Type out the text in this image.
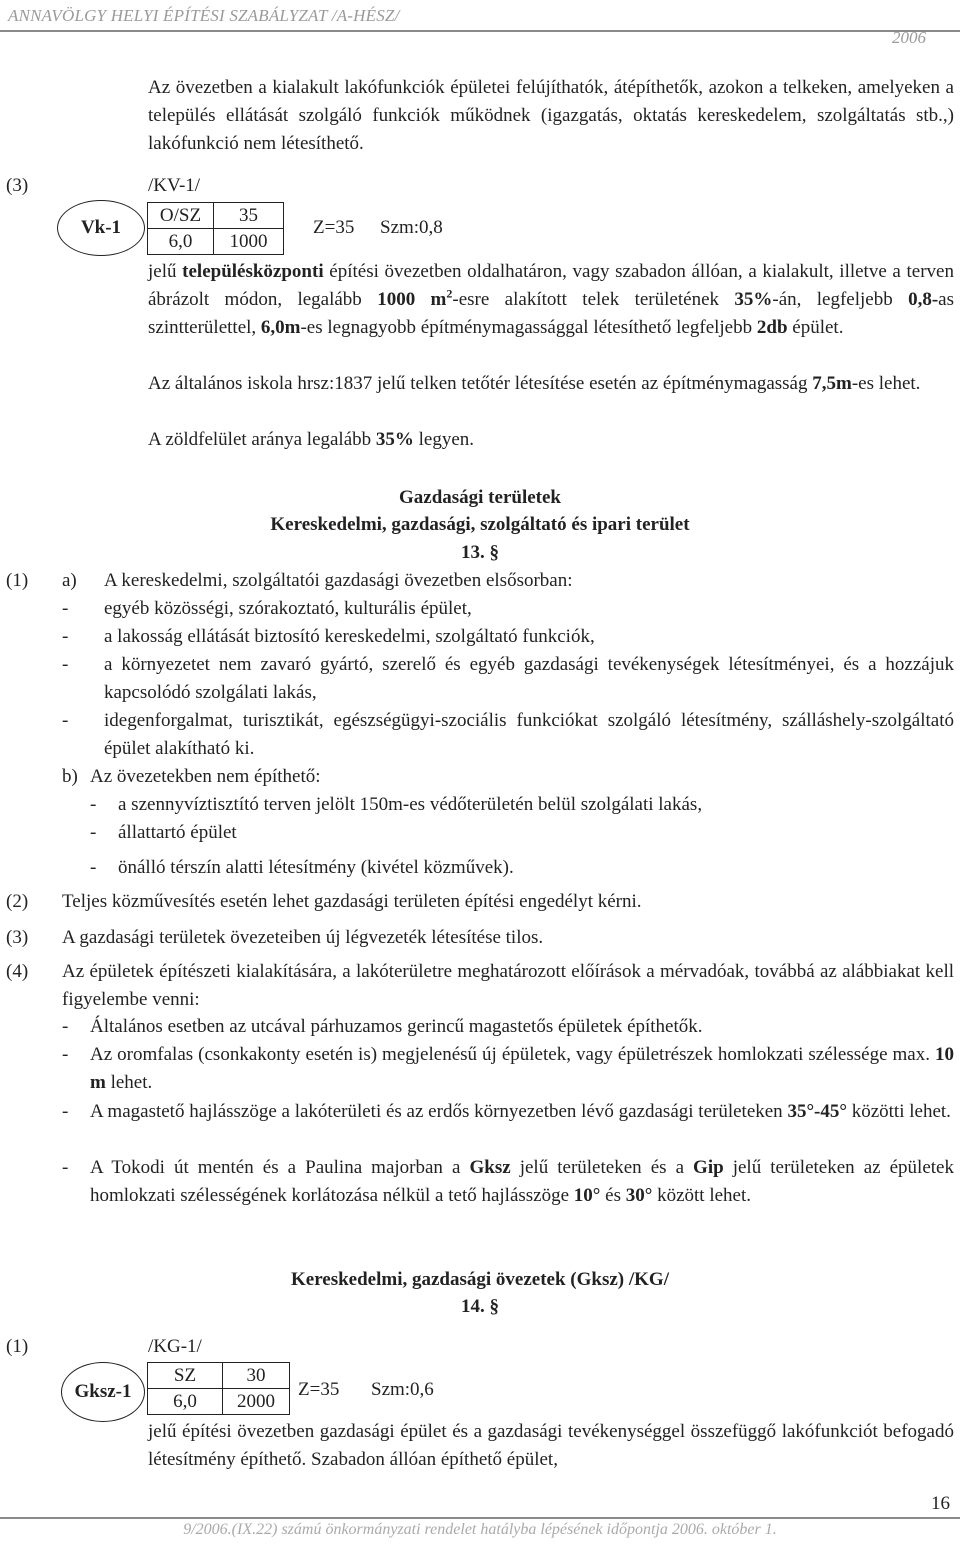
ANNAVÖLGY HELYI ÉPÍTÉSI SZABÁLYZAT /A-HÉSZ/
2006
Az övezetben a kialakult lakófunkciók épületei felújíthatók, átépíthetők, azokon a telkeken, amelyeken a település ellátását szolgáló funkciók működnek (igazgatás, oktatás kereskedelem, szolgáltatás stb.,) lakófunkció nem létesíthető.
(3)	/KV-1/
Vk-1
O/SZ	35
6,0	1000
Z=35 Szm:0,8
jelű településközponti építési övezetben oldalhatáron, vagy szabadon állóan, a kialakult, illetve a terven ábrázolt módon, legalább 1000 $m^2$-esre alakított telek területének 35%-án, legfeljebb 0,8-as szintterülettel, 6,0m-es legnagyobb építménymagassággal létesíthető legfeljebb 2db épület.
Az általános iskola hrsz:1837 jelű telken tetőtér létesítése esetén az építménymagasság 7,5m-es lehet.
A zöldfelület aránya legalább 35% legyen.
Gazdasági területek
Kereskedelmi, gazdasági, szolgáltató és ipari terület
13. §
(1) a) A kereskedelmi, szolgáltatói gazdasági övezetben elsősorban:
- egyéb közösségi, szórakoztató, kulturális épület,
- a lakosság ellátását biztosító kereskedelmi, szolgáltató funkciók,
- a környezetet nem zavaró gyártó, szerelő és egyéb gazdasági tevékenységek létesítményei, és a hozzájuk kapcsolódó szolgálati lakás,
- idegenforgalmat, turisztikát, egészségügyi-szociális funkciókat szolgáló létesítmény, szálláshely-szolgáltató épület alakítható ki.
b) Az övezetekben nem építhető:
- a szennyvíztisztító terven jelölt 150m-es védőterületén belül szolgálati lakás,
- állattartó épület
- önálló térszín alatti létesítmény (kivétel közművek).
(2) Teljes közművesítés esetén lehet gazdasági területen építési engedélyt kérni.
(3) A gazdasági területek övezeteiben új légvezeték létesítése tilos.
(4) Az épületek építészeti kialakítására, a lakóterületre meghatározott előírások a mérvadóak, továbbá az alábbiakat kell figyelembe venni:
- Általános esetben az utcával párhuzamos gerincű magastetős épületek építhetők.
- Az oromfalas (csonkakonty esetén is) megjelenésű új épületek, vagy épületrészek homlokzati szélessége max. 10 m lehet.
- A magastető hajlásszöge a lakóterületi és az erdős környezetben lévő gazdasági területeken 35°-45° közötti lehet.
- A Tokodi út mentén és a Paulina majorban a Gksz jelű területeken és a Gip jelű területeken az épületek homlokzati szélességének korlátozása nélkül a tető hajlásszöge 10° és 30° között lehet.
Kereskedelmi, gazdasági övezetek (Gksz) /KG/
14. §
(1)	/KG-1/
Gksz-1
SZ	30
6,0	2000
Z=35 Szm:0,6
jelű építési övezetben gazdasági épület és a gazdasági tevékenységgel összefüggő lakófunkciót befogadó létesítmény építhető. Szabadon állóan építhető épület,
16
9/2006.(IX.22) számú önkormányzati rendelet hatályba lépésének időpontja 2006. október 1.
